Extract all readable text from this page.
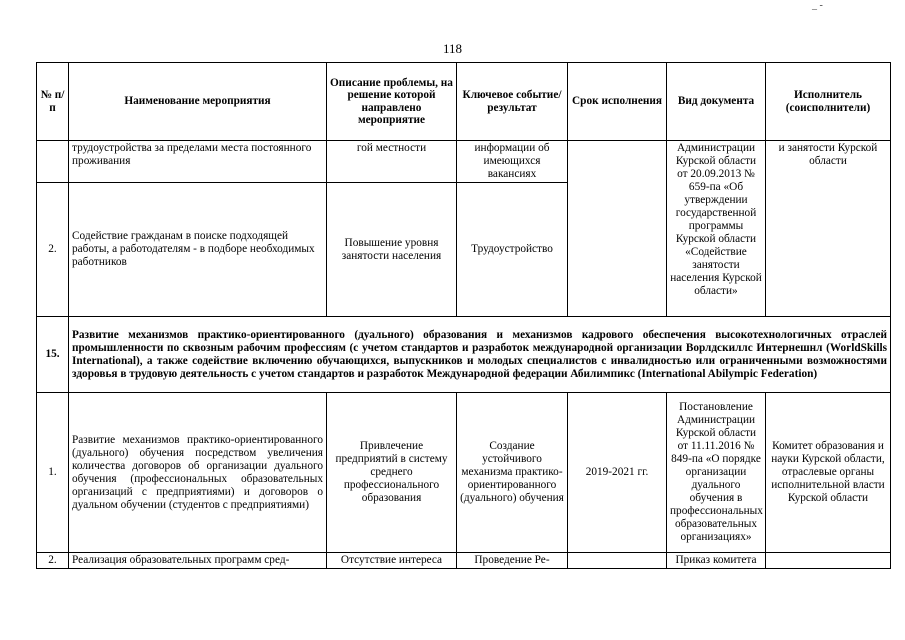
_ -
118
№ п/п	Наименование мероприятия	Описание проблемы, на решение которой направлено мероприятие	Ключевое событие/ результат	Срок исполнения	Вид документа	Исполнитель (соисполнители)
	трудоустройства за пределами места постоянного проживания	гой местности	информации об имеющихся вакансиях		Администрации Курской области от 20.09.2013 № 659-па «Об утверждении государственной программы Курской области «Содействие занятости населения Курской области»	и занятости Курской области
2.	Содействие гражданам в поиске подходящей работы, а работодателям - в подборе необходимых работников	Повышение уровня занятости населения	Трудоустройство			
15.	Развитие механизмов практико-ориентированного (дуального) образования и механизмов кадрового обеспечения высокотехнологичных отраслей промышленности по сквозным рабочим профессиям (с учетом стандартов и разработок международной организации Ворлдскиллс Интернешнл (WorldSkills International), а также содействие включению обучающихся, выпускников и молодых специалистов с инвалидностью или ограниченными возможностями здоровья в трудовую деятельность с учетом стандартов и разработок Международной федерации Абилимпикс (International Abilympic Federation)					
1.	Развитие механизмов практико-ориентированного (дуального) обучения посредством увеличения количества договоров об организации дуального обучения (профессиональных образовательных организаций с предприятиями) и договоров о дуальном обучении (студентов с предприятиями)	Привлечение предприятий в систему среднего профессионального образования	Создание устойчивого механизма практико-ориентированного (дуального) обучения	2019-2021 гг.	Постановление Администрации Курской области от 11.11.2016 № 849-па «О порядке организации дуального обучения в профессиональных образовательных организациях»	Комитет образования и науки Курской области, отраслевые органы исполнительной власти Курской области
2.	Реализация образовательных программ сред-	Отсутствие интереса	Проведение Ре-		Приказ комитета	
